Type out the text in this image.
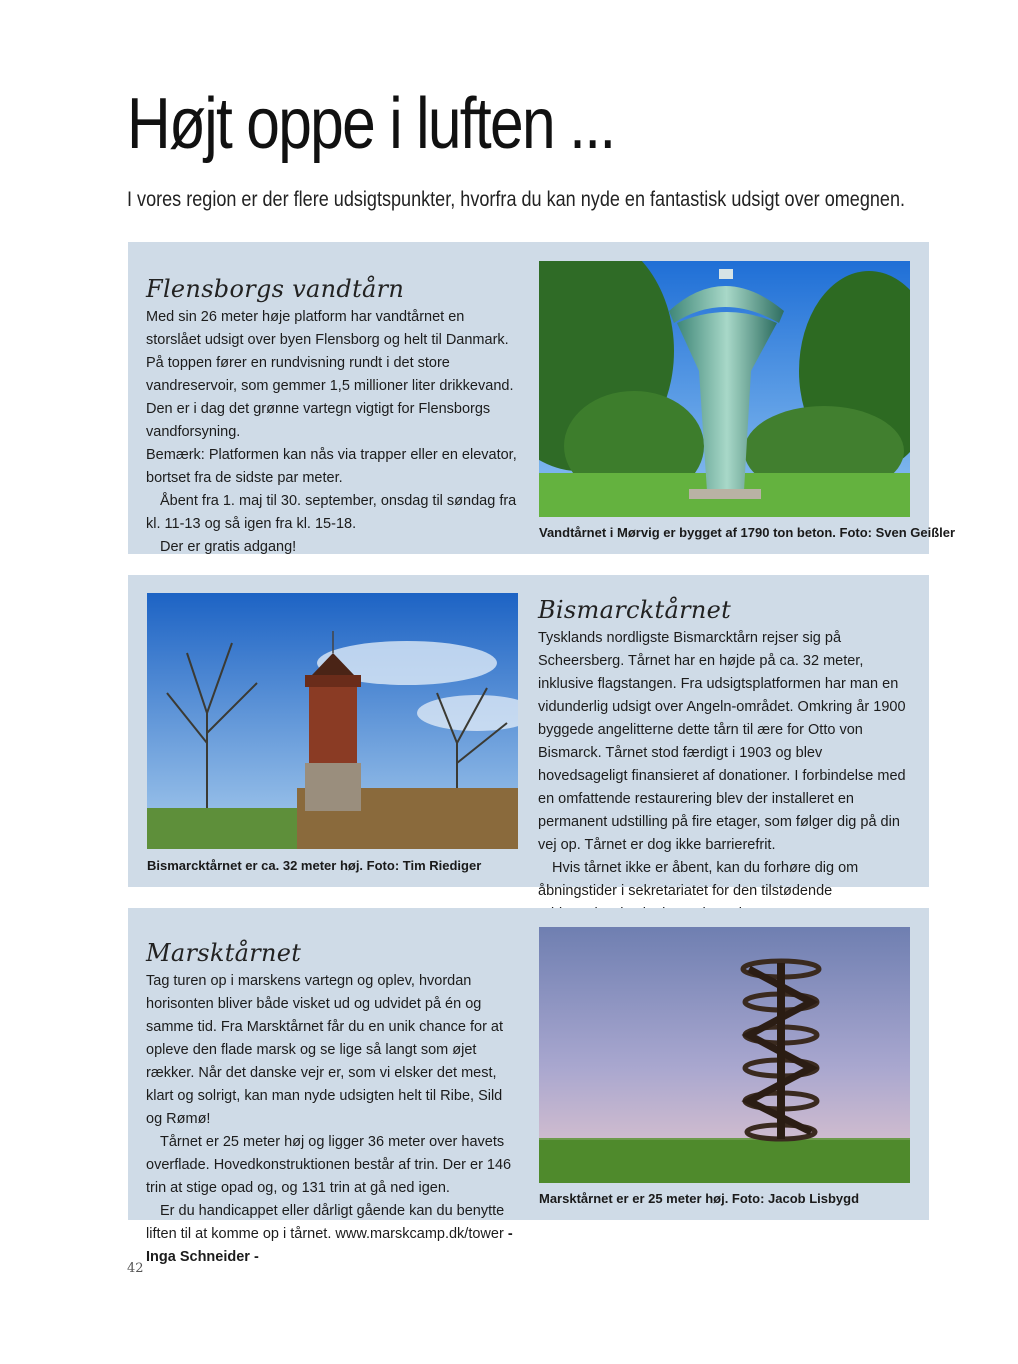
Højt oppe i luften ...

I vores region er der flere udsigtspunkter, hvorfra du kan nyde en fantastisk udsigt over omegnen.

Flensborgs vandtårn

Med sin 26 meter høje platform har vandtårnet en storslået udsigt over byen Flensborg og helt til Danmark. På toppen fører en rundvisning rundt i det store vandreservoir, som gemmer 1,5 millioner liter drikkevand. Den er i dag det grønne vartegn vigtigt for Flensborgs vandforsyning.

Bemærk: Platformen kan nås via trapper eller en elevator, bortset fra de sidste par meter.

Åbent fra 1. maj til 30. september, onsdag til søndag fra kl. 11-13 og så igen fra kl. 15-18.

Der er gratis adgang!

Vandtårnet i Mørvig er bygget af 1790 ton beton. Foto: Sven Geißler

Bismarcktårnet er ca. 32 meter høj. Foto: Tim Riediger

Bismarcktårnet

Tysklands nordligste Bismarcktårn rejser sig på Scheersberg. Tårnet har en højde på ca. 32 meter, inklusive flagstangen. Fra udsigtsplatformen har man en vidunderlig udsigt over Angeln-området. Omkring år 1900 byggede angelitterne dette tårn til ære for Otto von Bismarck. Tårnet stod færdigt i 1903 og blev hovedsageligt finansieret af donationer. I forbindelse med en omfattende restaurering blev der installeret en permanent udstilling på fire etager, som følger dig på din vej op. Tårnet er dog ikke barrierefrit.

Hvis tårnet ikke er åbent, kan du forhøre dig om åbningstider i sekretariatet for den tilstødende

Marsktårnet

Tag turen op i marskens vartegn og oplev, hvordan horisonten bliver både visket ud og udvidet på én og samme tid. Fra Marsktårnet får du en unik chance for at opleve den flade marsk og se lige så langt som øjet rækker. Når det danske vejr er, som vi elsker det mest, klart og solrigt, kan man nyde udsigten helt til Ribe, Sild og Rømø!

Tårnet er 25 meter høj og ligger 36 meter over havets overflade. Hovedkonstruktionen består af trin. Der er 146 trin at stige opad og, og 131 trin at gå ned igen.

Er du handicappet eller dårligt gående kan du benytte liften til at komme op i tårnet. www.marskcamp.dk/tower - Inga Schneider -

Marsktårnet er er 25 meter høj. Foto: Jacob Lisbygd

42
